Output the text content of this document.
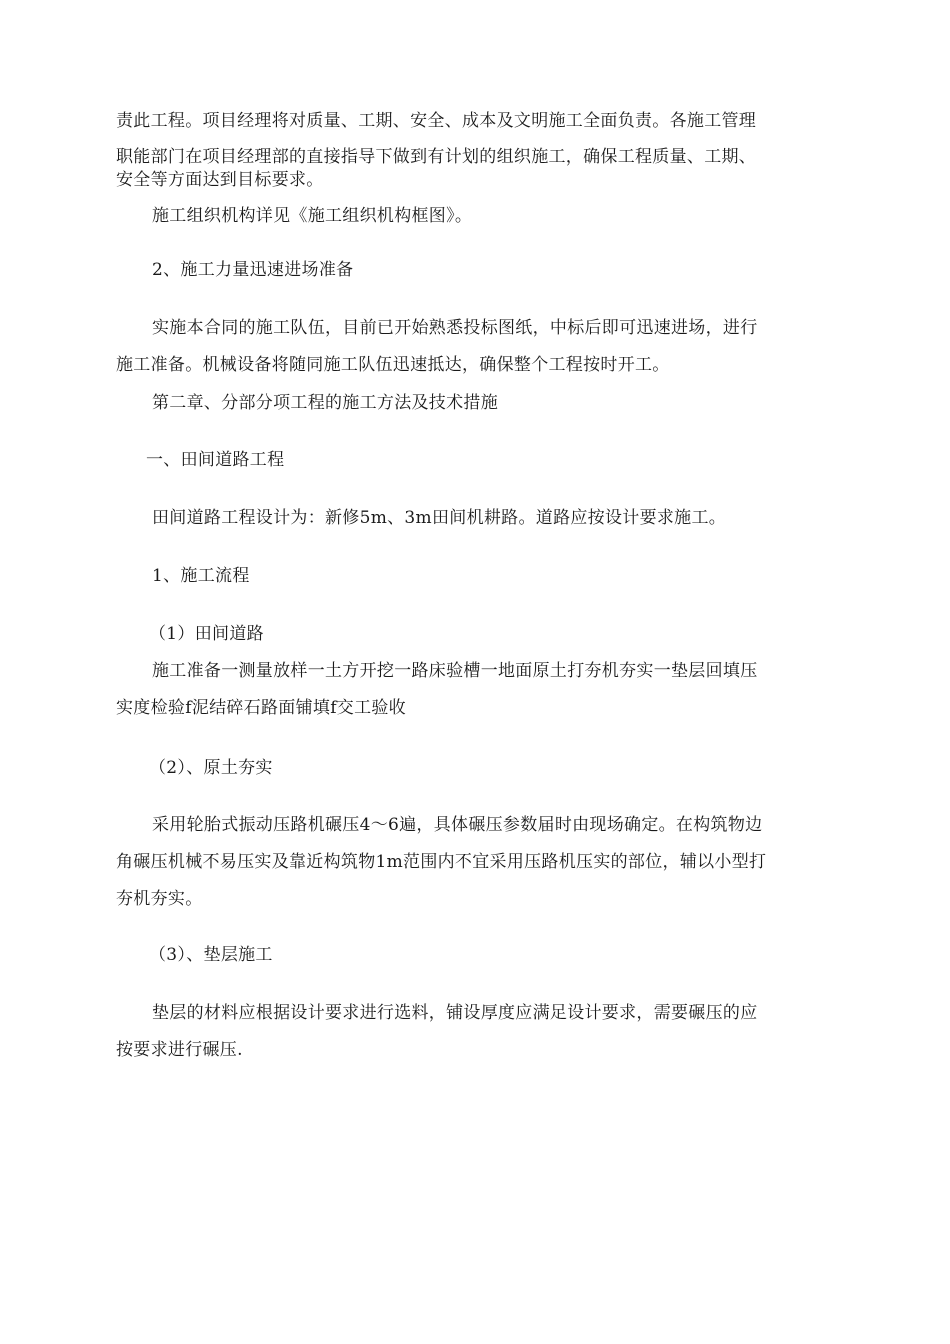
责此工程。项目经理将对质量、工期、安全、成本及文明施工全面负责。各施工管理
职能部门在项目经理部的直接指导下做到有计划的组织施工，确保工程质量、工期、
安全等方面达到目标要求。
施工组织机构详见《施工组织机构框图》。
2、施工力量迅速进场准备
实施本合同的施工队伍，目前已开始熟悉投标图纸，中标后即可迅速进场，进行
施工准备。机械设备将随同施工队伍迅速抵达，确保整个工程按时开工。
第二章、分部分项工程的施工方法及技术措施
一、田间道路工程
田间道路工程设计为：新修5m、3m田间机耕路。道路应按设计要求施工。
1、施工流程
（1）田间道路
施工准备一测量放样一土方开挖一路床验槽一地面原土打夯机夯实一垫层回填压
实度检验f泥结碎石路面铺填f交工验收
（2）、原土夯实
采用轮胎式振动压路机碾压4〜6遍，具体碾压参数届时由现场确定。在构筑物边
角碾压机械不易压实及靠近构筑物1m范围内不宜采用压路机压实的部位，辅以小型打
夯机夯实。
（3）、垫层施工
垫层的材料应根据设计要求进行选料，铺设厚度应满足设计要求，需要碾压的应
按要求进行碾压.
